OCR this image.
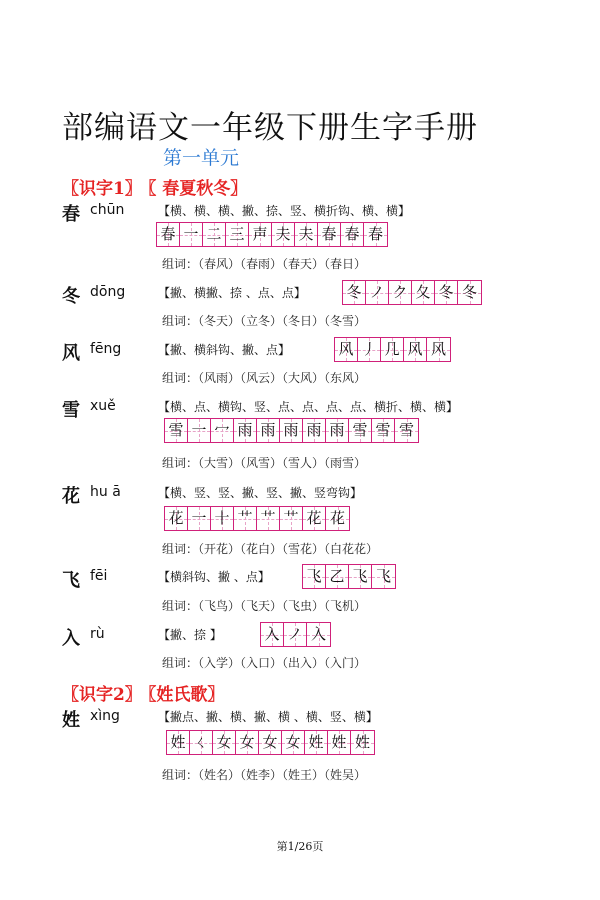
部编语文一年级下册生字手册
第一单元
〖识字1〗 〖 春夏秋冬〗
春 chūn	【横、横、横、撇、捺、竖、横折钩、横、横】
春 一 二 三 声 夫 夫 春 春 春
组词：（春风）（春雨）（春天）（春日）
冬 dōng	【撇、横撇、捺 、点、点】	冬 ノ ク 夂 冬 冬
组词：（冬天）（立冬）（冬日）（冬雪）
风 fēng	【撇、横斜钩、撇、点】	风 丿 几 风 风
组词：（风雨）（风云）（大风）（东风）
雪 xuě	【横、点、横钩、竖、点、点、点、点、横折、横、横】
雪 一 冖 雨 雨 雨 雨 雨 雪 雪 雪
组词：（大雪）（风雪）（雪人）（雨雪）
花 hu ā	【横、竖、竖、撇、竖、撇、竖弯钩】
花 一 十 艹 艹 艹 花 花
组词：（开花）（花白）（雪花）（白花花）
飞 fēi	【横斜钩、撇 、点】 飞 乙 飞 飞
组词：（飞鸟）（飞天）（飞虫）（飞机）
入 rù	【撇、捺 】	入 ノ 入
组词：（入学）（入口）（出入）（入门）
〖识字2〗 〖姓氏歌〗
姓 xìng	【撇点、撇、横、撇、横 、横、竖、横】
姓 ㄑ 女 女 女 女 姓 姓 姓
组词：（姓名）（姓李）（姓王）（姓吴）
第1/26页
